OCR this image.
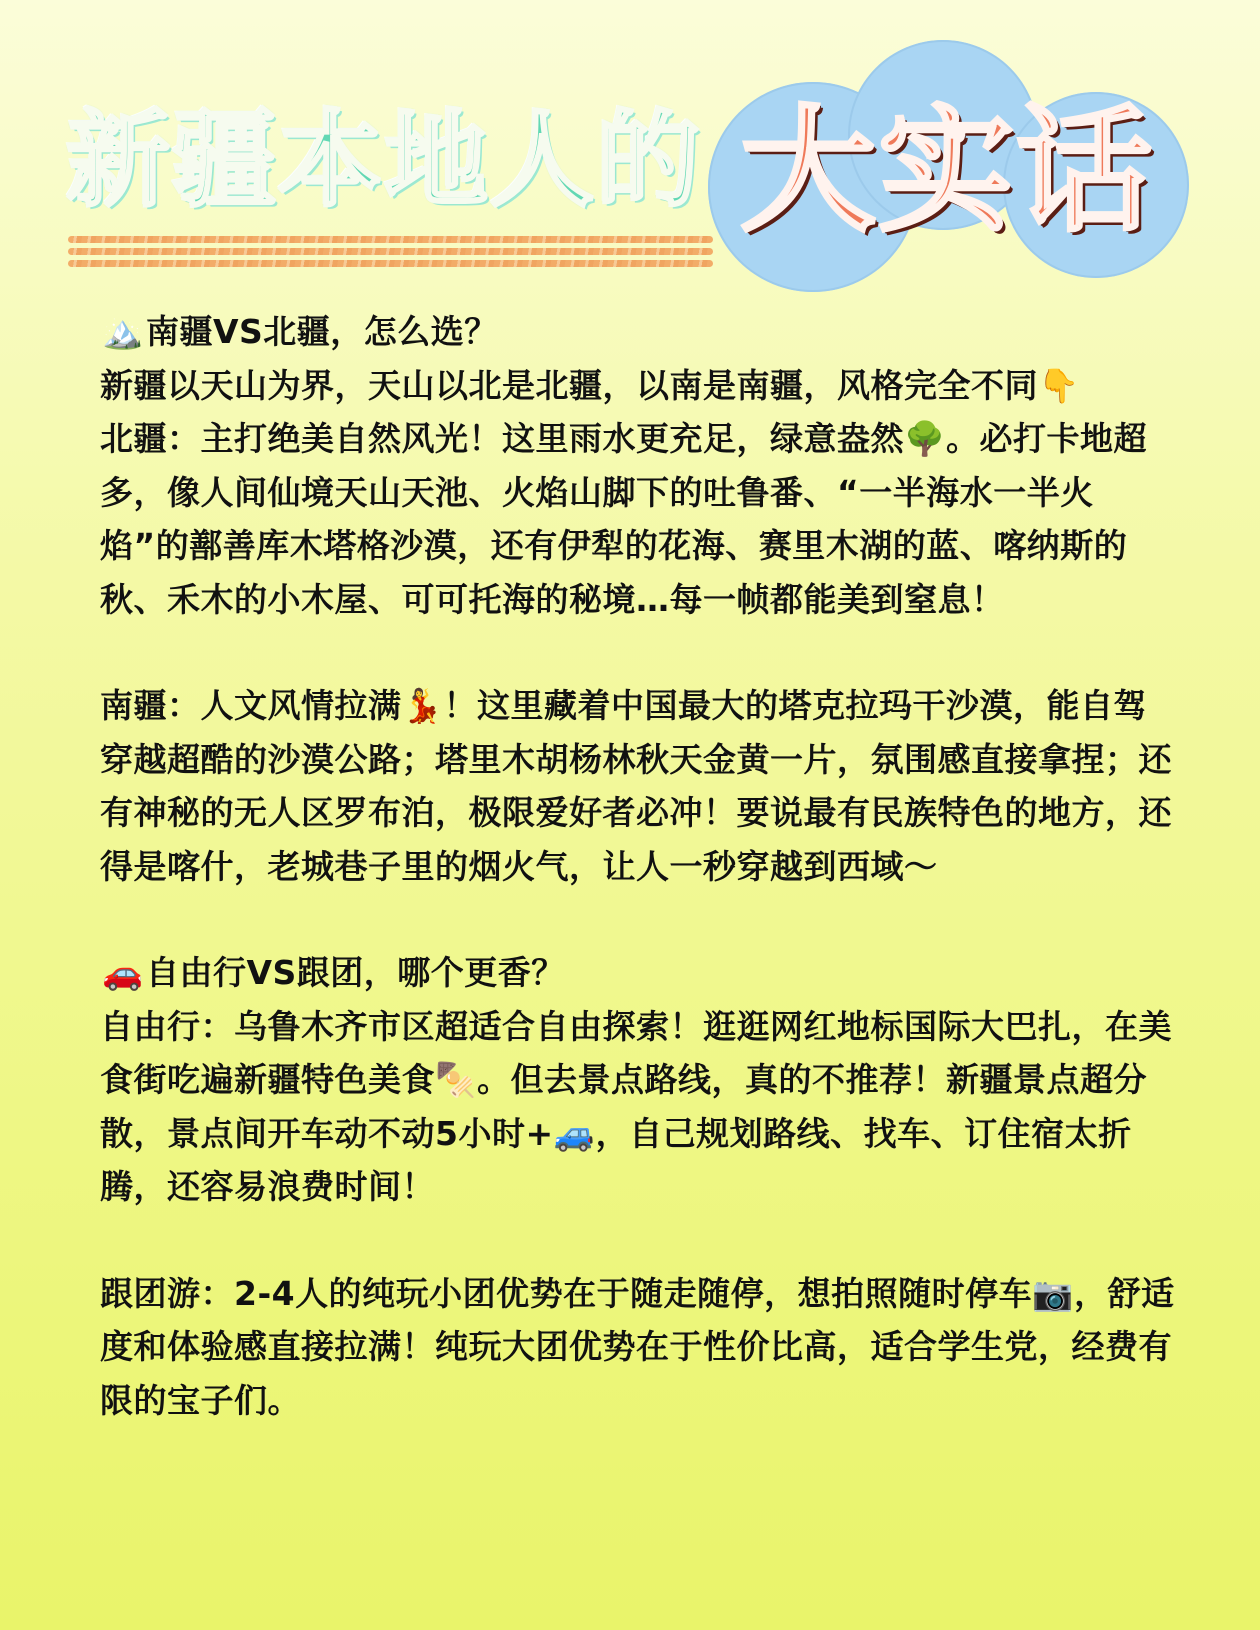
新疆本地人的 大实话

🏔️南疆VS北疆，怎么选？

新疆以天山为界，天山以北是北疆，以南是南疆，风格完全不同👇

北疆：主打绝美自然风光！这里雨水更充足，绿意盎然🌳。必打卡地超多，像人间仙境天山天池、火焰山脚下的吐鲁番、“一半海水一半火焰”的鄯善库木塔格沙漠，还有伊犁的花海、赛里木湖的蓝、喀纳斯的秋、禾木的小木屋、可可托海的秘境…每一帧都能美到窒息！

南疆：人文风情拉满💃！这里藏着中国最大的塔克拉玛干沙漠，能自驾穿越超酷的沙漠公路；塔里木胡杨林秋天金黄一片，氛围感直接拿捏；还有神秘的无人区罗布泊，极限爱好者必冲！要说最有民族特色的地方，还得是喀什，老城巷子里的烟火气，让人一秒穿越到西域～

🚗自由行VS跟团，哪个更香？

自由行：乌鲁木齐市区超适合自由探索！逛逛网红地标国际大巴扎，在美食街吃遍新疆特色美食🍢。但去景点路线，真的不推荐！新疆景点超分散，景点间开车动不动5小时+🚙，自己规划路线、找车、订住宿太折腾，还容易浪费时间！

跟团游：2-4人的纯玩小团优势在于随走随停，想拍照随时停车📷，舒适度和体验感直接拉满！纯玩大团优势在于性价比高，适合学生党，经费有限的宝子们。
